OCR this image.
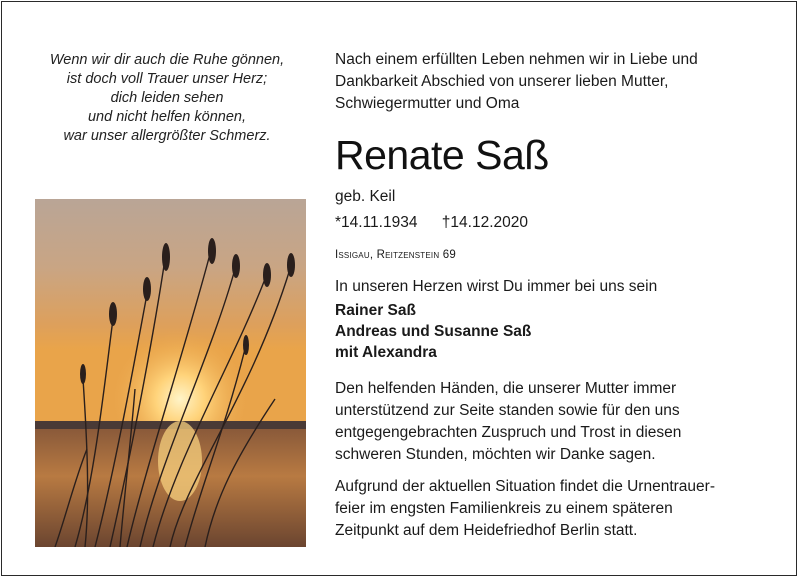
Wenn wir dir auch die Ruhe gönnen,
ist doch voll Trauer unser Herz;
dich leiden sehen
und nicht helfen können,
war unser allergrößter Schmerz.
Nach einem erfüllten Leben nehmen wir in Liebe und
Dankbarkeit Abschied von unserer lieben Mutter,
Schwiegermutter und Oma
Renate Saß
geb. Keil
*14.11.1934 †14.12.2020
Issigau, Reitzenstein 69
In unseren Herzen wirst Du immer bei uns sein
Rainer Saß
Andreas und Susanne Saß
mit Alexandra
Den helfenden Händen, die unserer Mutter immer
unterstützend zur Seite standen sowie für den uns
entgegengebrachten Zuspruch und Trost in diesen
schweren Stunden, möchten wir Danke sagen.
Aufgrund der aktuellen Situation findet die Urnentrauer-
feier im engsten Familienkreis zu einem späteren
Zeitpunkt auf dem Heidefriedhof Berlin statt.
